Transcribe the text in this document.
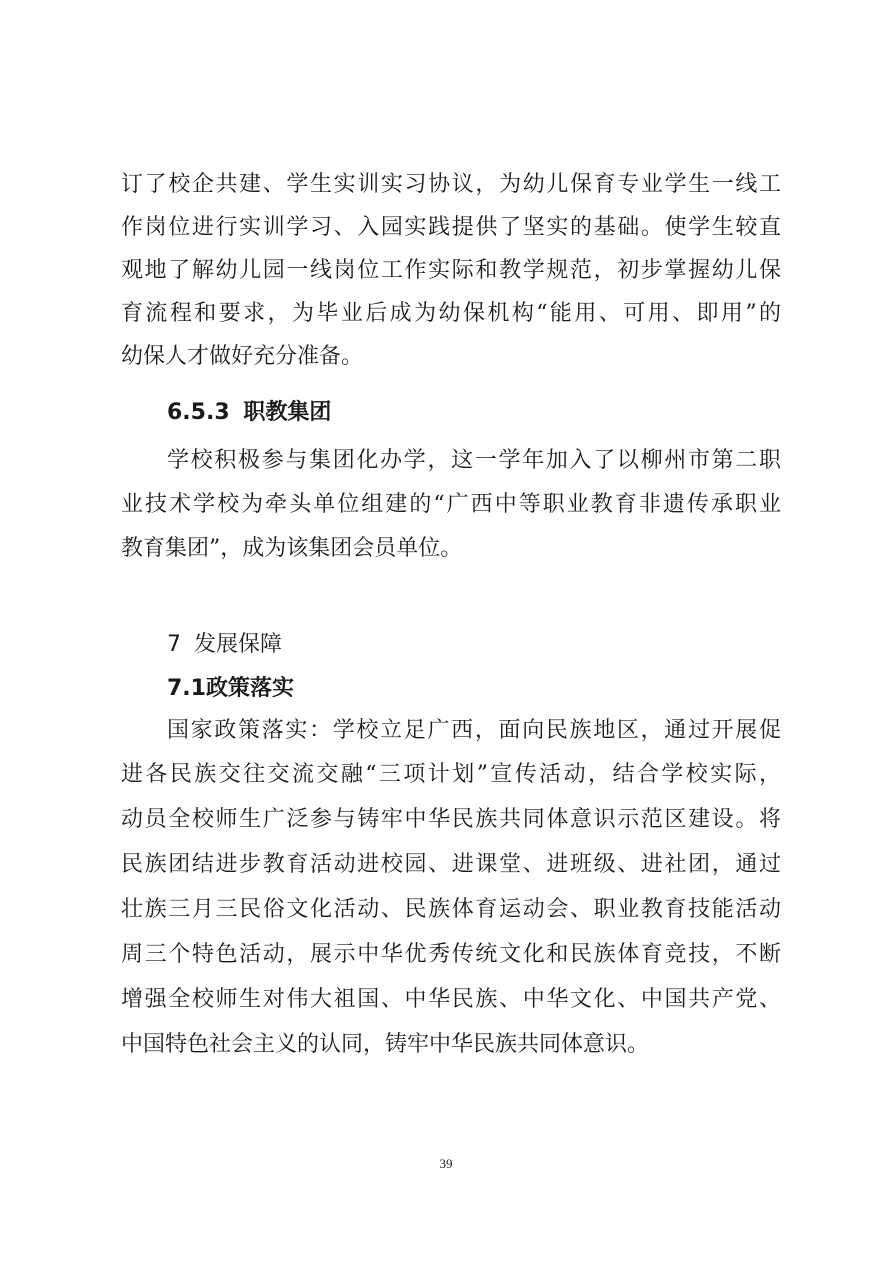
订了校企共建、学生实训实习协议，为幼儿保育专业学生一线工
作岗位进行实训学习、入园实践提供了坚实的基础。使学生较直
观地了解幼儿园一线岗位工作实际和教学规范，初步掌握幼儿保
育流程和要求，为毕业后成为幼保机构“能用、可用、即用”的
幼保人才做好充分准备。
6.5.3 职教集团
学校积极参与集团化办学，这一学年加入了以柳州市第二职
业技术学校为牵头单位组建的“广西中等职业教育非遗传承职业
教育集团”，成为该集团会员单位。
7 发展保障
7.1政策落实
国家政策落实：学校立足广西，面向民族地区，通过开展促
进各民族交往交流交融“三项计划”宣传活动，结合学校实际，
动员全校师生广泛参与铸牢中华民族共同体意识示范区建设。将
民族团结进步教育活动进校园、进课堂、进班级、进社团，通过
壮族三月三民俗文化活动、民族体育运动会、职业教育技能活动
周三个特色活动，展示中华优秀传统文化和民族体育竞技，不断
增强全校师生对伟大祖国、中华民族、中华文化、中国共产党、
中国特色社会主义的认同，铸牢中华民族共同体意识。
39
